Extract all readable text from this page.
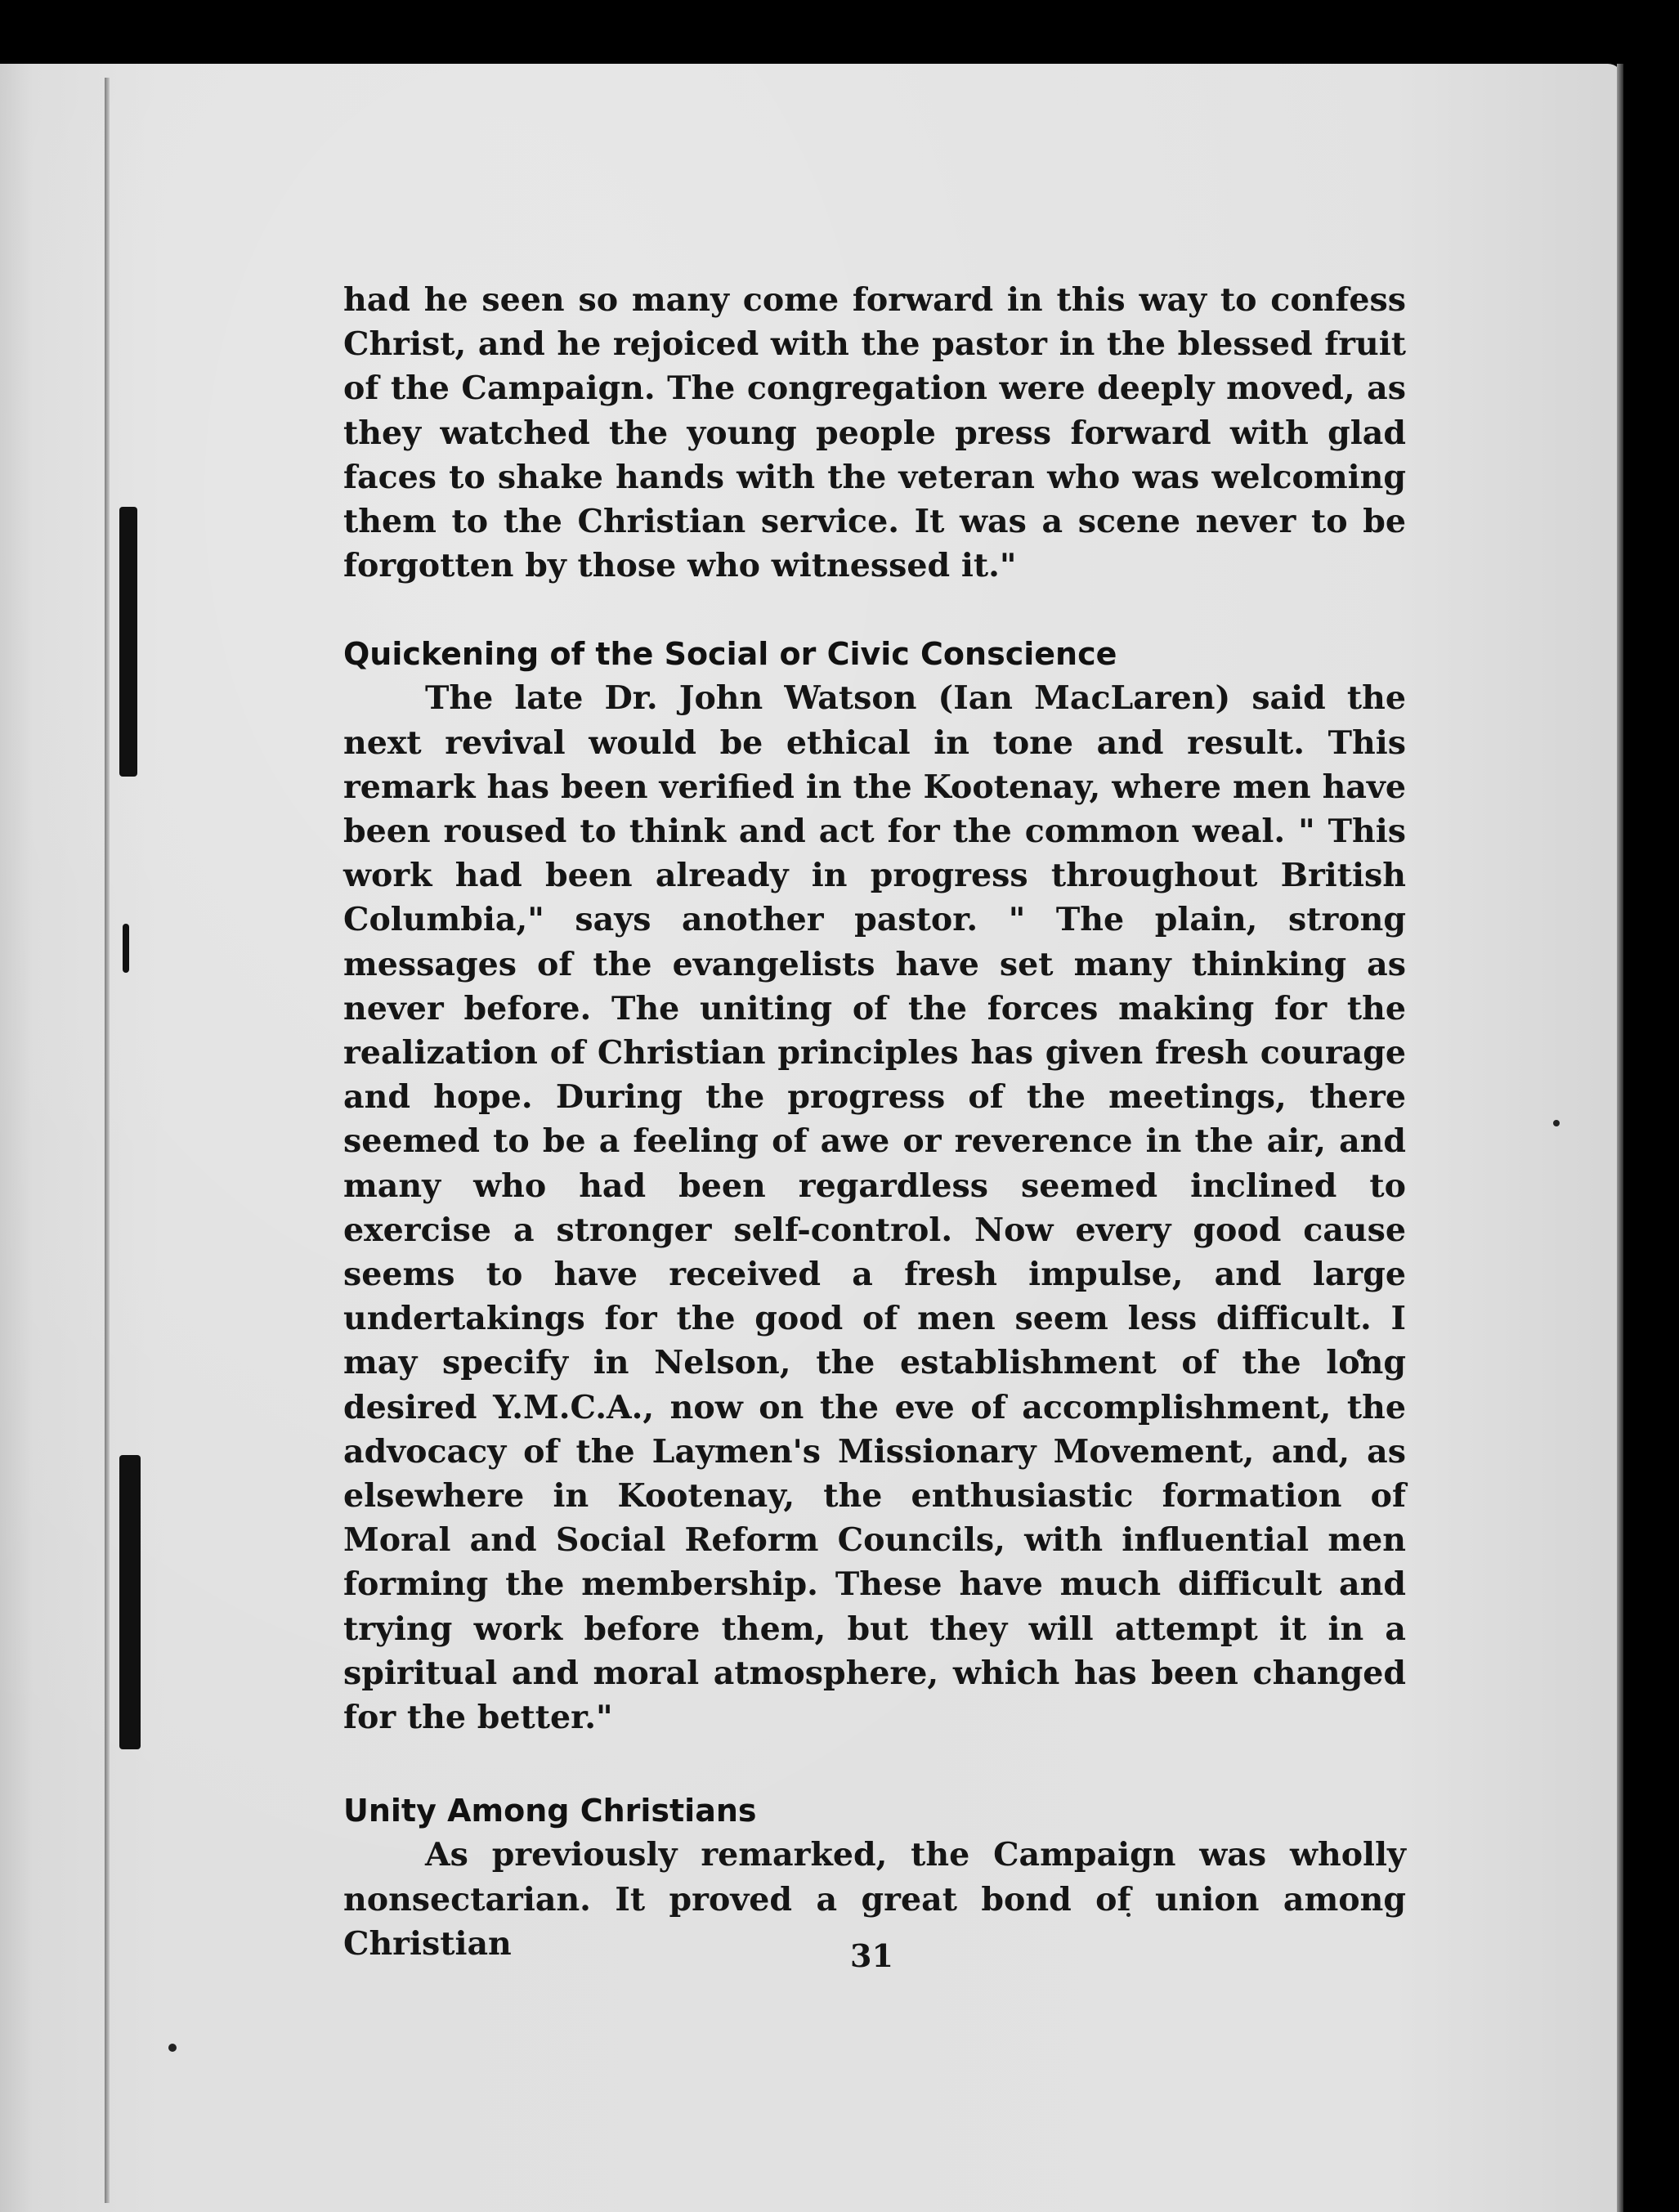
had he seen so many come forward in this way to confess Christ, and he rejoiced with the pastor in the blessed fruit of the Campaign. The congregation were deeply moved, as they watched the young people press forward with glad faces to shake hands with the veteran who was welcoming them to the Christian service. It was a scene never to be forgotten by those who witnessed it."

Quickening of the Social or Civic Conscience

The late Dr. John Watson (Ian MacLaren) said the next revival would be ethical in tone and result. This remark has been verified in the Kootenay, where men have been roused to think and act for the common weal. " This work had been already in progress throughout British Columbia," says another pastor. " The plain, strong messages of the evangelists have set many thinking as never before. The uniting of the forces making for the realization of Christian principles has given fresh courage and hope. During the progress of the meetings, there seemed to be a feeling of awe or reverence in the air, and many who had been regardless seemed inclined to exercise a stronger self-control. Now every good cause seems to have received a fresh impulse, and large undertakings for the good of men seem less difficult. I may specify in Nelson, the establishment of the long desired Y.M.C.A., now on the eve of accomplishment, the advocacy of the Laymen's Missionary Movement, and, as elsewhere in Kootenay, the enthusiastic formation of Moral and Social Reform Councils, with influential men forming the membership. These have much difficult and trying work before them, but they will attempt it in a spiritual and moral atmosphere, which has been changed for the better."

Unity Among Christians

As previously remarked, the Campaign was wholly nonsectarian. It proved a great bond of union among Christian	31
